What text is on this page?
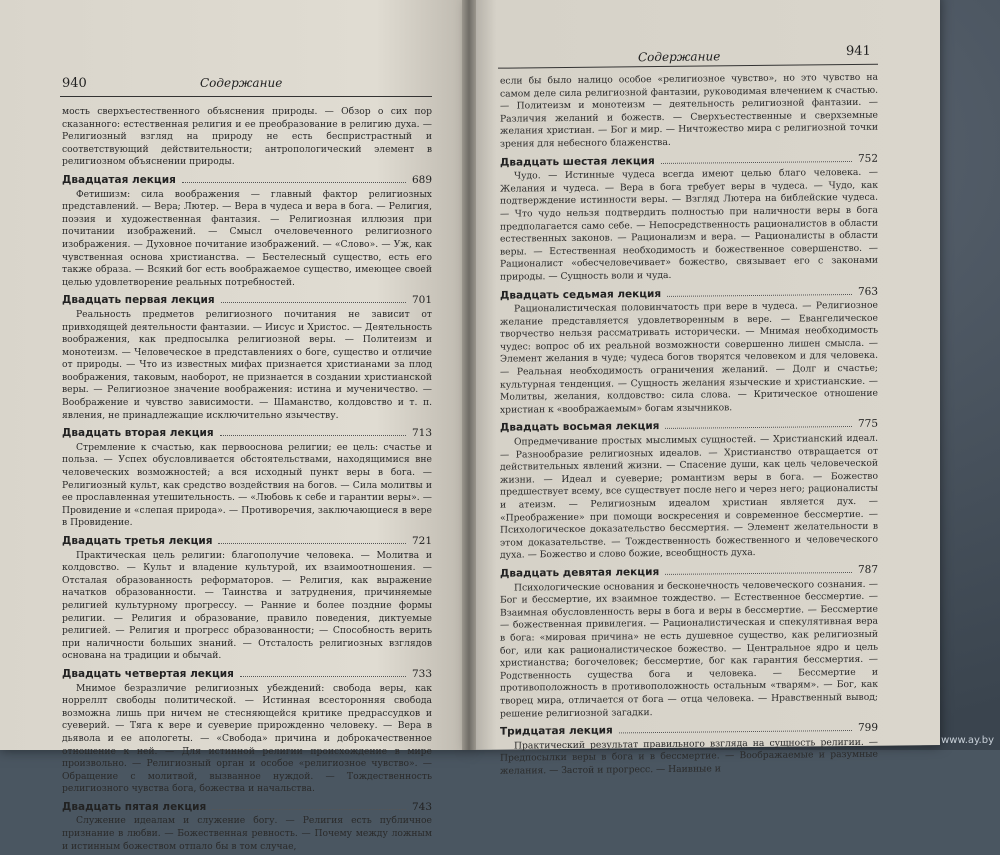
940	Содержание

мость сверхъестественного объяснения природы. — Обзор о сих пор сказанного: естественная религия и ее преобразование в религию духа. — Религиозный взгляд на природу не есть беспристрастный и соответствующий действительности; антропологический элемент в религиозном объяснении природы.

Двадцатая лекция	689

Фетишизм: сила воображения — главный фактор религиозных представлений. — Вера; Лютер. — Вера в чудеса и вера в бога. — Религия, поэзия и художественная фантазия. — Религиозная иллюзия при почитании изображений. — Смысл очеловеченного религиозного изображения. — Духовное почитание изображений. — «Слово». — Уж, как чувственная основа христианства. — Бестелесный существо, есть его также образа. — Всякий бог есть воображаемое существо, имеющее своей целью удовлетворение реальных потребностей.

Двадцать первая лекция	701

Реальность предметов религиозного почитания не зависит от привходящей деятельности фантазии. — Иисус и Христос. — Деятельность воображения, как предпосылка религиозной веры. — Политеизм и монотеизм. — Человеческое в представлениях о боге, существо и отличие от природы. — Что из известных мифах признается христианами за плод воображения, таковым, наоборот, не признается в создании христианской веры. — Религиозное значение воображения: истина и мученичество. — Воображение и чувство зависимости. — Шаманство, колдовство и т. п. явления, не принадлежащие исключительно язычеству.

Двадцать вторая лекция	713

Стремление к счастью, как первооснова религии; ее цель: счастье и польза. — Успех обусловливается обстоятельствами, находящимися вне человеческих возможностей; а вся исходный пункт веры в бога. — Религиозный культ, как средство воздействия на богов. — Сила молитвы и ее прославленная утешительность. — «Любовь к себе и гарантии веры». — Провидение и «слепая природа». — Противоречия, заключающиеся в вере в Провидение.

Двадцать третья лекция	721

Практическая цель религии: благополучие человека. — Молитва и колдовство. — Культ и владение культурой, их взаимоотношения. — Отсталая образованность реформаторов. — Религия, как выражение начатков образованности. — Таинства и затруднения, причиняемые религией культурному прогрессу. — Ранние и более поздние формы религии. — Религия и образование, правило поведения, диктуемые религией. — Религия и прогресс образованности; — Способность верить при наличности больших знаний. — Отсталость религиозных взглядов основана на традиции и обычай.

Двадцать четвертая лекция	733

Мнимое безразличие религиозных убеждений: свобода веры, как норреллт свободы политической. — Истинная всесторонняя свобода возможна лишь при ничем не стесняющейся критике предрассудков и суеверий. — Тяга к вере и суеверие прирожденно человеку. — Вера в дьявола и ее апологеты. — «Свобода» причина и доброкачественное отношение к ней. — Для истинной религии происхождение в мире произвольно. — Религиозный орган и особое «религиозное чувство». — Обращение с молитвой, вызванное нуждой. — Тождественность религиозного чувства бога, божества и начальства.

Двадцать пятая лекция	743

Служение идеалам и служение богу. — Религия есть публичное признание в любви. — Божественная ревность. — Почему между ложным и истинным божеством отпало бы в том случае,

Содержание	941

если бы было налицо особое «религиозное чувство», но это чувство на самом деле сила религиозной фантазии, руководимая влечением к счастью. — Политеизм и монотеизм — деятельность религиозной фантазии. — Различия желаний и божеств. — Сверхъестественные и сверхземные желания христиан. — Бог и мир. — Ничтожество мира с религиозной точки зрения для небесного блаженства.

Двадцать шестая лекция	752

Чудо. — Истинные чудеса всегда имеют целью благо человека. — Желания и чудеса. — Вера в бога требует веры в чудеса. — Чудо, как подтверждение истинности веры. — Взгляд Лютера на библейские чудеса. — Что чудо нельзя подтвердить полностью при наличности веры в бога предполагается само себе. — Непосредственность рационалистов в области естественных законов. — Рационализм и вера. — Рационалисты в области веры. — Естественная необходимость и божественное совершенство. — Рационалист «обесчеловечивает» божество, связывает его с законами природы. — Сущность воли и чуда.

Двадцать седьмая лекция	763

Рационалистическая половинчатость при вере в чудеса. — Религиозное желание представляется удовлетворенным в вере. — Евангелическое творчество нельзя рассматривать исторически. — Мнимая необходимость чудес: вопрос об их реальной возможности совершенно лишен смысла. — Элемент желания в чуде; чудеса богов творятся человеком и для человека. — Реальная необходимость ограничения желаний. — Долг и счастье; культурная тенденция. — Сущность желания языческие и христианские. — Молитвы, желания, колдовство: сила слова. — Критическое отношение христиан к «воображаемым» богам язычников.

Двадцать восьмая лекция	775

Опредмечивание простых мыслимых сущностей. — Христианский идеал. — Разнообразие религиозных идеалов. — Христианство отвращается от действительных явлений жизни. — Спасение души, как цель человеческой жизни. — Идеал и суеверие; романтизм веры в бога. — Божество предшествует всему, все существует после него и через него; рационалисты и атеизм. — Религиозным идеалом христиан является дух. — «Преображение» при помощи воскресения и современное бессмертие. — Психологическое доказательство бессмертия. — Элемент желательности в этом доказательстве. — Тождественность божественного и человеческого духа. — Божество и слово божие, всеобщность духа.

Двадцать девятая лекция	787

Психологические основания и бесконечность человеческого сознания. — Бог и бессмертие, их взаимное тождество. — Естественное бессмертие. — Взаимная обусловленность веры в бога и веры в бессмертие. — Бессмертие — божественная привилегия. — Рационалистическая и спекулятивная вера в бога: «мировая причина» не есть душевное существо, как религиозный бог, или как рационалистическое божество. — Центральное ядро и цель христианства; богочеловек; бессмертие, бог как гарантия бессмертия. — Родственность существа бога и человека. — Бессмертие и противоположность в противоположность остальным «тварям». — Бог, как творец мира, отличается от бога — отца человека. — Нравственный вывод; решение религиозной загадки.

Тридцатая лекция	799

Практический результат правильного взгляда на сущность религии. — Предпосылки веры в бога и в бессмертие. — Воображаемые и разумные желания. — Застой и прогресс. — Наивные и

www.ay.by
